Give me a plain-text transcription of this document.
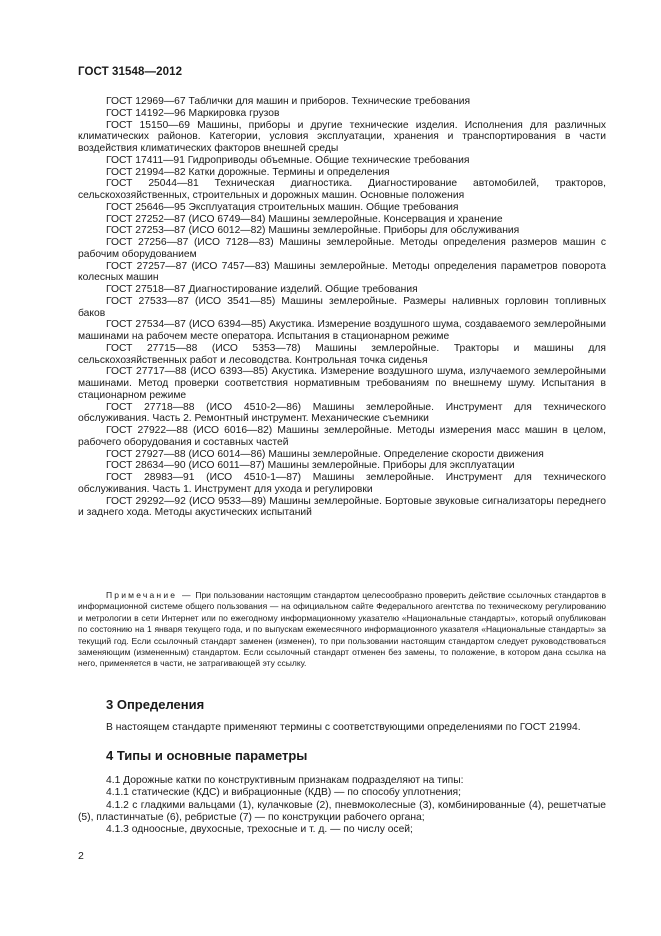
ГОСТ 31548—2012

ГОСТ 12969—67 Таблички для машин и приборов. Технические требования

ГОСТ 14192—96 Маркировка грузов

ГОСТ 15150—69 Машины, приборы и другие технические изделия. Исполнения для различных климатических районов. Категории, условия эксплуатации, хранения и транспортирования в части воздействия климатических факторов внешней среды

ГОСТ 17411—91 Гидроприводы объемные. Общие технические требования

ГОСТ 21994—82 Катки дорожные. Термины и определения

ГОСТ 25044—81 Техническая диагностика. Диагностирование автомобилей, тракторов, сельскохозяйственных, строительных и дорожных машин. Основные положения

ГОСТ 25646—95 Эксплуатация строительных машин. Общие требования

ГОСТ 27252—87 (ИСО 6749—84) Машины землеройные. Консервация и хранение

ГОСТ 27253—87 (ИСО 6012—82) Машины землеройные. Приборы для обслуживания

ГОСТ 27256—87 (ИСО 7128—83) Машины землеройные. Методы определения размеров машин с рабочим оборудованием

ГОСТ 27257—87 (ИСО 7457—83) Машины землеройные. Методы определения параметров поворота колесных машин

ГОСТ 27518—87 Диагностирование изделий. Общие требования

ГОСТ 27533—87 (ИСО 3541—85) Машины землеройные. Размеры наливных горловин топливных баков

ГОСТ 27534—87 (ИСО 6394—85) Акустика. Измерение воздушного шума, создаваемого землеройными машинами на рабочем месте оператора. Испытания в стационарном режиме

ГОСТ 27715—88 (ИСО 5353—78) Машины землеройные. Тракторы и машины для сельскохозяйственных работ и лесоводства. Контрольная точка сиденья

ГОСТ 27717—88 (ИСО 6393—85) Акустика. Измерение воздушного шума, излучаемого землеройными машинами. Метод проверки соответствия нормативным требованиям по внешнему шуму. Испытания в стационарном режиме

ГОСТ 27718—88 (ИСО 4510-2—86) Машины землеройные. Инструмент для технического обслуживания. Часть 2. Ремонтный инструмент. Механические съемники

ГОСТ 27922—88 (ИСО 6016—82) Машины землеройные. Методы измерения масс машин в целом, рабочего оборудования и составных частей

ГОСТ 27927—88 (ИСО 6014—86) Машины землеройные. Определение скорости движения

ГОСТ 28634—90 (ИСО 6011—87) Машины землеройные. Приборы для эксплуатации

ГОСТ 28983—91 (ИСО 4510-1—87) Машины землеройные. Инструмент для технического обслуживания. Часть 1. Инструмент для ухода и регулировки

ГОСТ 29292—92 (ИСО 9533—89) Машины землеройные. Бортовые звуковые сигнализаторы переднего и заднего хода. Методы акустических испытаний

Примечание — При пользовании настоящим стандартом целесообразно проверить действие ссылочных стандартов в информационной системе общего пользования — на официальном сайте Федерального агентства по техническому регулированию и метрологии в сети Интернет или по ежегодному информационному указателю «Национальные стандарты», который опубликован по состоянию на 1 января текущего года, и по выпускам ежемесячного информационного указателя «Национальные стандарты» за текущий год. Если ссылочный стандарт заменен (изменен), то при пользовании настоящим стандартом следует руководствоваться заменяющим (измененным) стандартом. Если ссылочный стандарт отменен без замены, то положение, в котором дана ссылка на него, применяется в части, не затрагивающей эту ссылку.
3 Определения

В настоящем стандарте применяют термины с соответствующими определениями по ГОСТ 21994.

4 Типы и основные параметры

4.1 Дорожные катки по конструктивным признакам подразделяют на типы:

4.1.1 статические (КДС) и вибрационные (КДВ) — по способу уплотнения;

4.1.2 с гладкими вальцами (1), кулачковые (2), пневмоколесные (3), комбинированные (4), решетчатые (5), пластинчатые (6), ребристые (7) — по конструкции рабочего органа;

4.1.3 одноосные, двухосные, трехосные и т. д. — по числу осей;

2
